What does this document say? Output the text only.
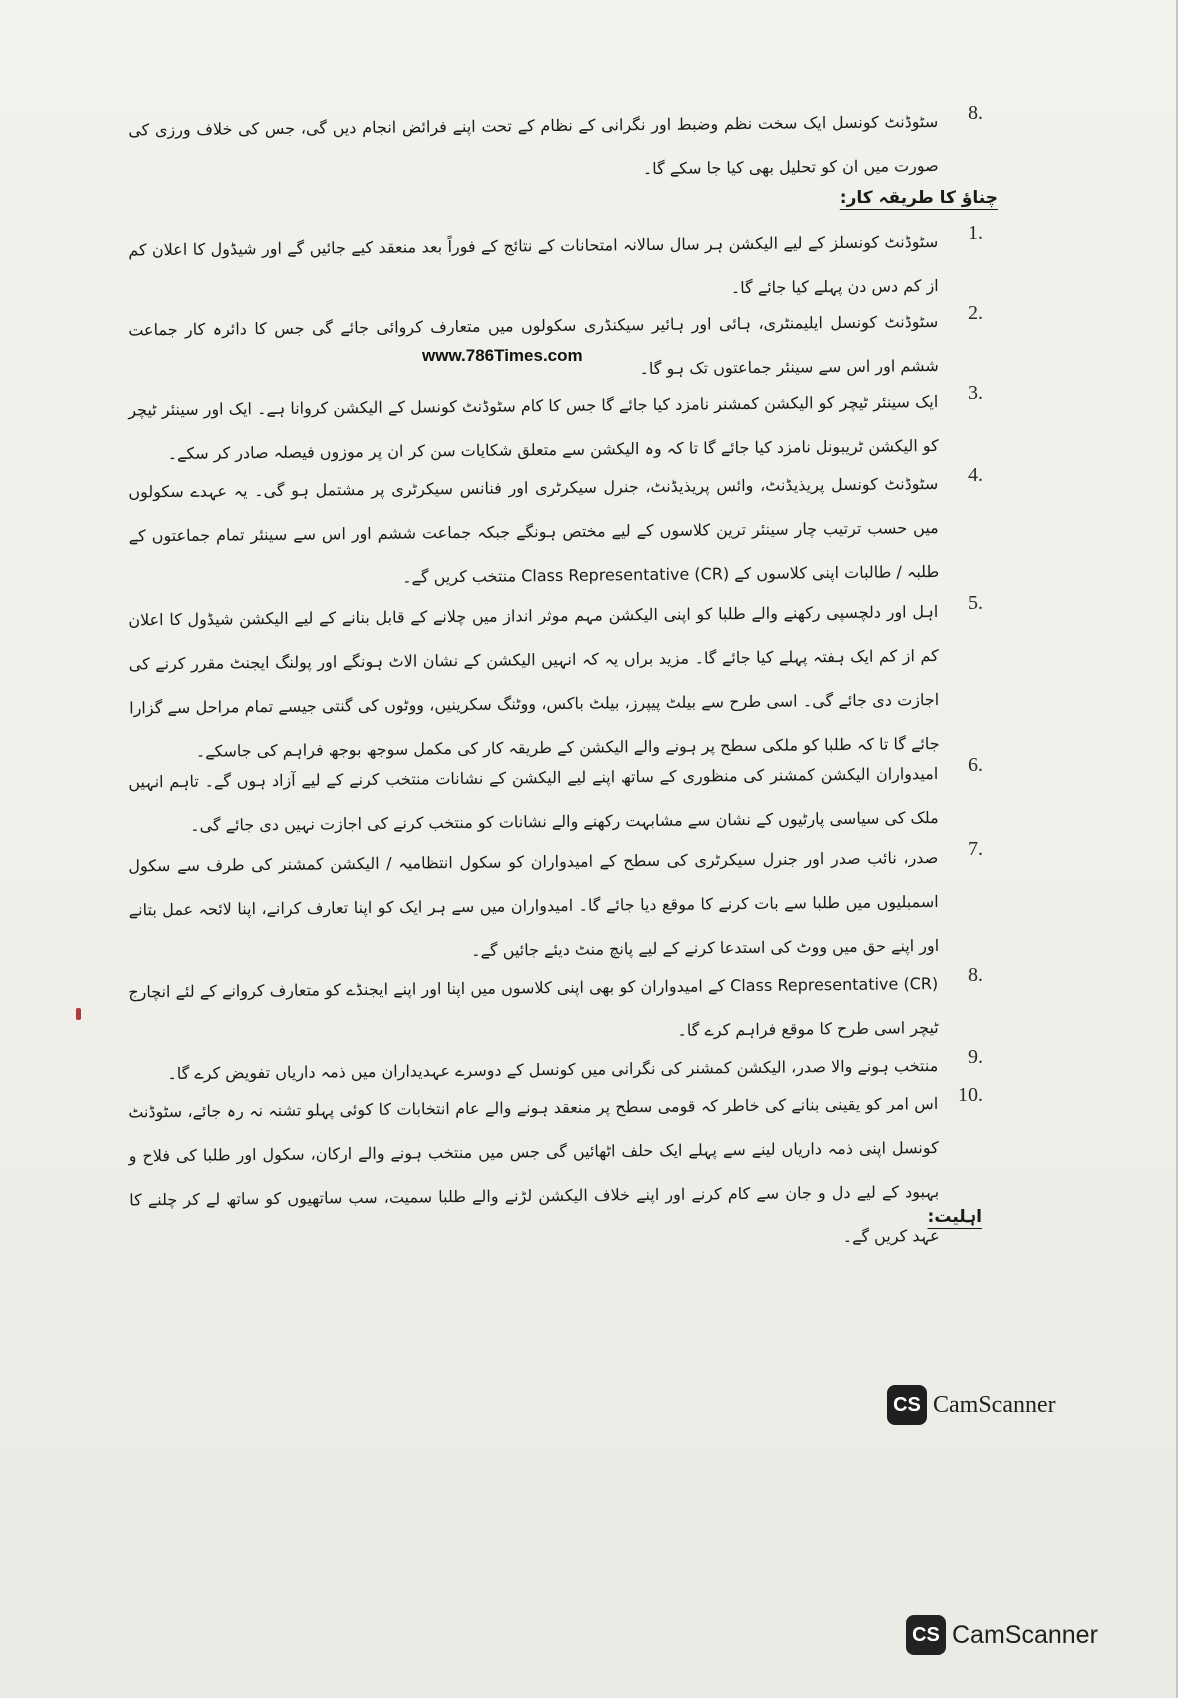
8.
سٹوڈنٹ کونسل ایک سخت نظم وضبط اور نگرانی کے نظام کے تحت اپنے فرائض انجام دیں گی، جس کی خلاف ورزی کی صورت میں ان کو تحلیل بھی کیا جا سکے گا۔
چناؤ کا طریقہ کار:
www.786Times.com
1.
سٹوڈنٹ کونسلز کے لیے الیکشن ہر سال سالانہ امتحانات کے نتائج کے فوراً بعد منعقد کیے جائیں گے اور شیڈول کا اعلان کم از کم دس دن پہلے کیا جائے گا۔
2.
سٹوڈنٹ کونسل ایلیمنٹری، ہائی اور ہائیر سیکنڈری سکولوں میں متعارف کروائی جائے گی جس کا دائرہ کار جماعت ششم اور اس سے سینئر جماعتوں تک ہو گا۔
3.
ایک سینئر ٹیچر کو الیکشن کمشنر نامزد کیا جائے گا جس کا کام سٹوڈنٹ کونسل کے الیکشن کروانا ہے۔ ایک اور سینئر ٹیچر کو الیکشن ٹریبونل نامزد کیا جائے گا تا کہ وہ الیکشن سے متعلق شکایات سن کر ان پر موزوں فیصلہ صادر کر سکے۔
4.
سٹوڈنٹ کونسل پریذیڈنٹ، وائس پریذیڈنٹ، جنرل سیکرٹری اور فنانس سیکرٹری پر مشتمل ہو گی۔ یہ عہدے سکولوں میں حسب ترتیب چار سینئر ترین کلاسوں کے لیے مختص ہونگے جبکہ جماعت ششم اور اس سے سینئر تمام جماعتوں کے طلبہ / طالبات اپنی کلاسوں کے Class Representative (CR) منتخب کریں گے۔
5.
اہل اور دلچسپی رکھنے والے طلبا کو اپنی الیکشن مہم موثر انداز میں چلانے کے قابل بنانے کے لیے الیکشن شیڈول کا اعلان کم از کم ایک ہفتہ پہلے کیا جائے گا۔ مزید براں یہ کہ انہیں الیکشن کے نشان الاٹ ہونگے اور پولنگ ایجنٹ مقرر کرنے کی اجازت دی جائے گی۔ اسی طرح سے بیلٹ پیپرز، بیلٹ باکس، ووٹنگ سکرینیں، ووٹوں کی گنتی جیسے تمام مراحل سے گزارا جائے گا تا کہ طلبا کو ملکی سطح پر ہونے والے الیکشن کے طریقہ کار کی مکمل سوجھ بوجھ فراہم کی جاسکے۔
6.
امیدواران الیکشن کمشنر کی منظوری کے ساتھ اپنے لیے الیکشن کے نشانات منتخب کرنے کے لیے آزاد ہوں گے۔ تاہم انہیں ملک کی سیاسی پارٹیوں کے نشان سے مشابہت رکھنے والے نشانات کو منتخب کرنے کی اجازت نہیں دی جائے گی۔
7.
صدر، نائب صدر اور جنرل سیکرٹری کی سطح کے امیدواران کو سکول انتظامیہ / الیکشن کمشنر کی طرف سے سکول اسمبلیوں میں طلبا سے بات کرنے کا موقع دیا جائے گا۔ امیدواران میں سے ہر ایک کو اپنا تعارف کرانے، اپنا لائحہ عمل بتانے اور اپنے حق میں ووٹ کی استدعا کرنے کے لیے پانچ منٹ دیئے جائیں گے۔
8.
Class Representative (CR) کے امیدواران کو بھی اپنی کلاسوں میں اپنا اور اپنے ایجنڈے کو متعارف کروانے کے لئے انچارج ٹیچر اسی طرح کا موقع فراہم کرے گا۔
9.
منتخب ہونے والا صدر، الیکشن کمشنر کی نگرانی میں کونسل کے دوسرے عہدیداران میں ذمہ داریاں تفویض کرے گا۔
10.
اس امر کو یقینی بنانے کی خاطر کہ قومی سطح پر منعقد ہونے والے عام انتخابات کا کوئی پہلو تشنہ نہ رہ جائے، سٹوڈنٹ کونسل اپنی ذمہ داریاں لینے سے پہلے ایک حلف اٹھائیں گی جس میں منتخب ہونے والے ارکان، سکول اور طلبا کی فلاح و بہبود کے لیے دل و جان سے کام کرنے اور اپنے خلاف الیکشن لڑنے والے طلبا سمیت، سب ساتھیوں کو ساتھ لے کر چلنے کا عہد کریں گے۔
اہلیت:
CS CamScanner
CS CamScanner
